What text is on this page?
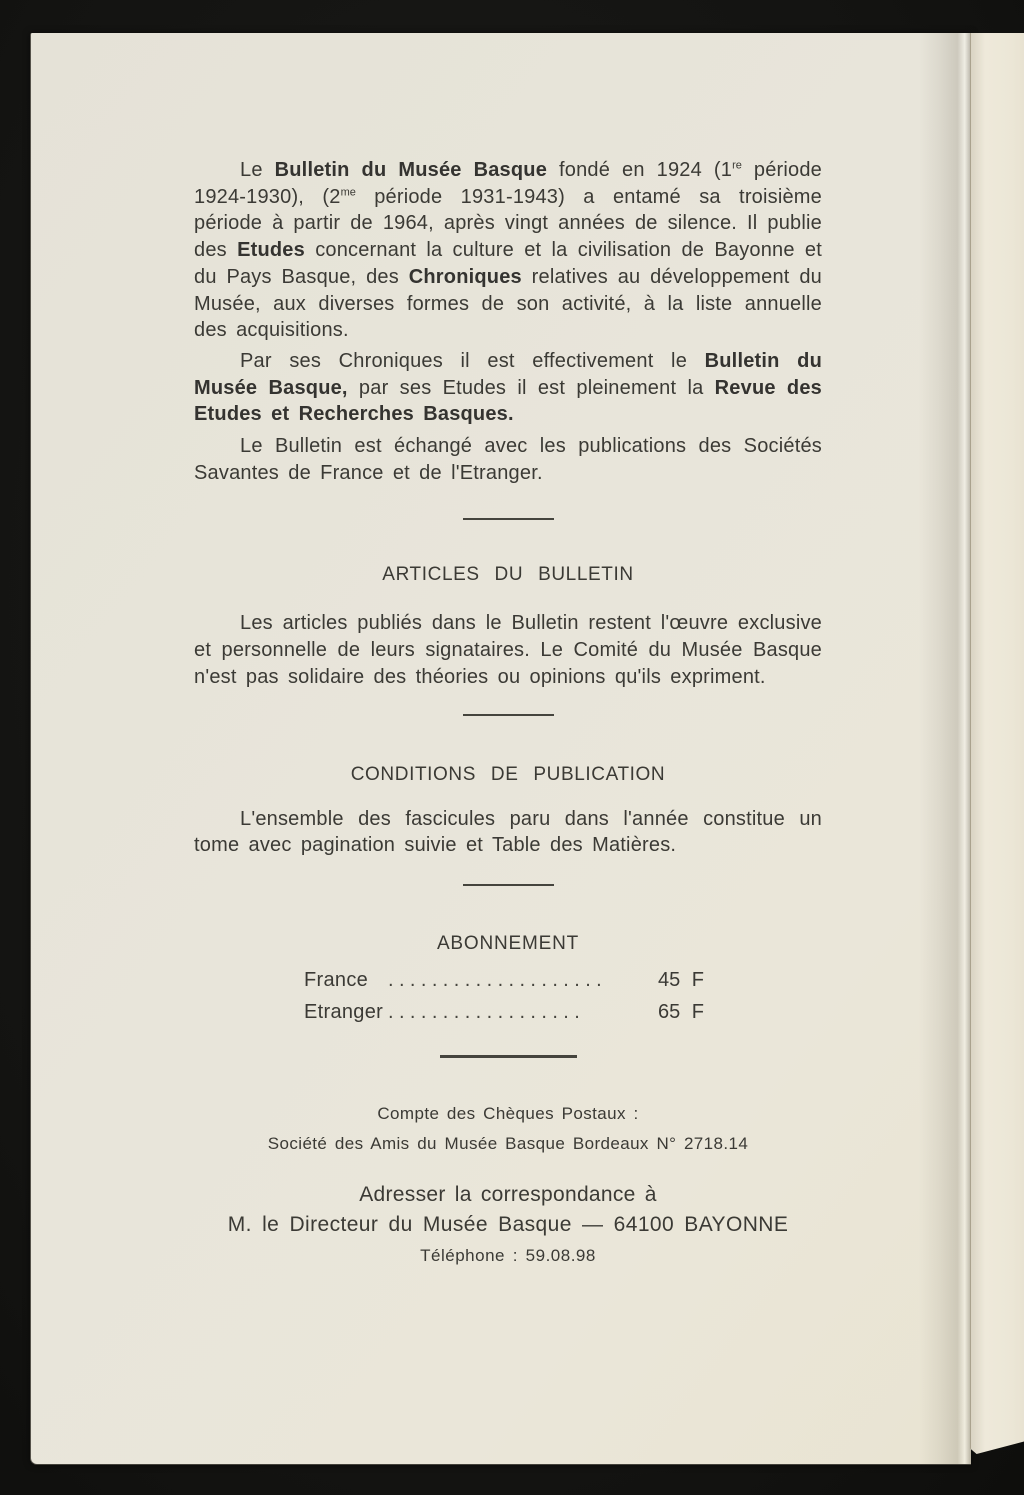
Le Bulletin du Musée Basque fondé en 1924 (1re période 1924-1930), ($2^{me}$ période 1931-1943) a entamé sa troisième période à partir de 1964, après vingt années de silence. Il publie des Etudes concernant la culture et la civilisation de Bayonne et du Pays Basque, des Chroniques relatives au développement du Musée, aux diverses formes de son activité, à la liste annuelle des acquisitions.

Par ses Chroniques il est effectivement le Bulletin du Musée Basque, par ses Etudes il est pleinement la Revue des Etudes et Recherches Basques.

Le Bulletin est échangé avec les publications des Sociétés Savantes de France et de l'Etranger.

ARTICLES DU BULLETIN

Les articles publiés dans le Bulletin restent l'œuvre exclusive et personnelle de leurs signataires. Le Comité du Musée Basque n'est pas solidaire des théories ou opinions qu'ils expriment.

CONDITIONS DE PUBLICATION

L'ensemble des fascicules paru dans l'année constitue un tome avec pagination suivie et Table des Matières.

ABONNEMENT
France ....................	45 F
Etranger ..................	65 F
Compte des Chèques Postaux :
Société des Amis du Musée Basque Bordeaux N° 2718.14
Adresser la correspondance à
M. le Directeur du Musée Basque — 64100 BAYONNE
Téléphone : 59.08.98
